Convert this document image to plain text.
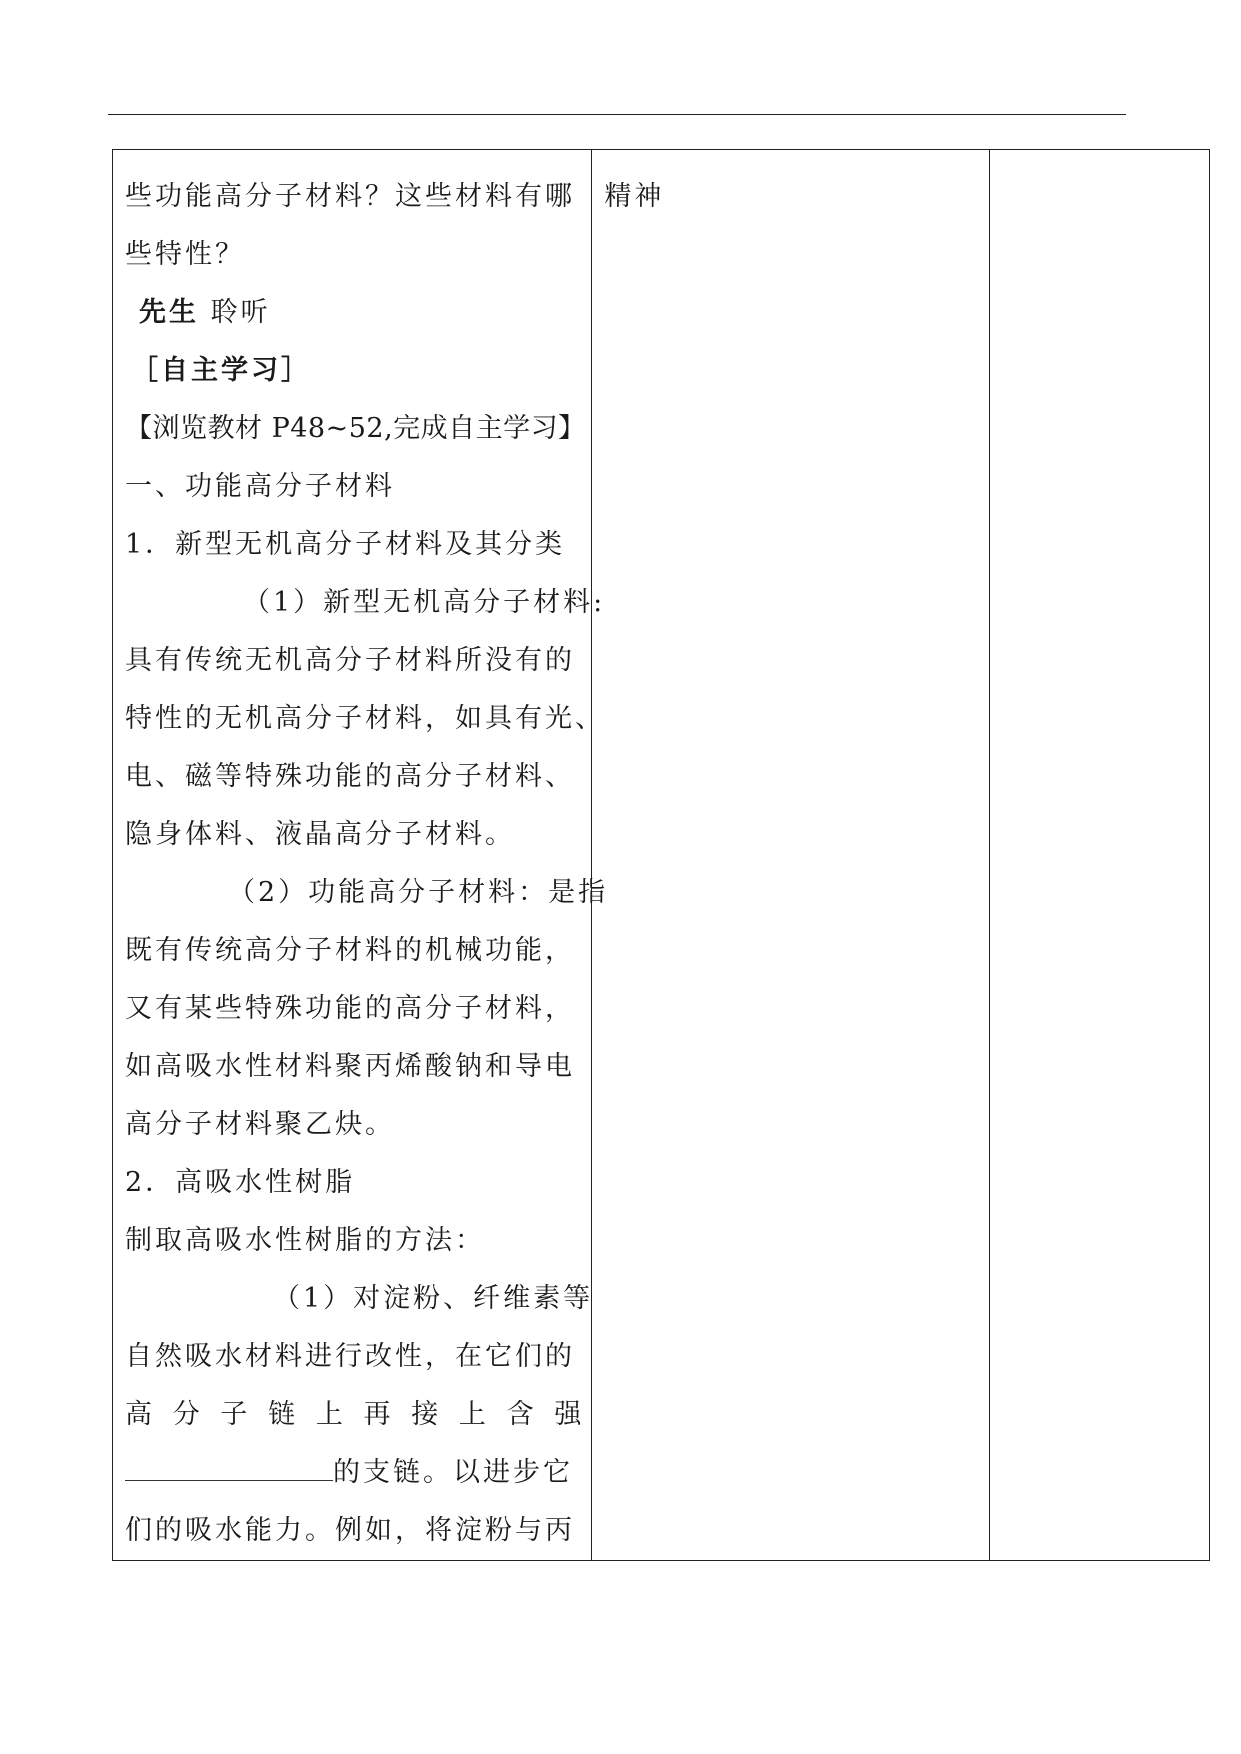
些功能高分子材料？这些材料有哪
些特性？
先生 聆听
［自主学习］
【浏览教材 P48~52,完成自主学习】
一、功能高分子材料
1．新型无机高分子材料及其分类
（1）新型无机高分子材料:
具有传统无机高分子材料所没有的
特性的无机高分子材料，如具有光、
电、磁等特殊功能的高分子材料、
隐身体料、液晶高分子材料。
（2）功能高分子材料：是指
既有传统高分子材料的机械功能，
又有某些特殊功能的高分子材料，
如高吸水性材料聚丙烯酸钠和导电
高分子材料聚乙炔。
2．高吸水性树脂
制取高吸水性树脂的方法：
（1）对淀粉、纤维素等
自然吸水材料进行改性，在它们的
高 分 子 链 上 再 接 上 含 强
的支链。以进步它
们的吸水能力。例如，将淀粉与丙

精神
